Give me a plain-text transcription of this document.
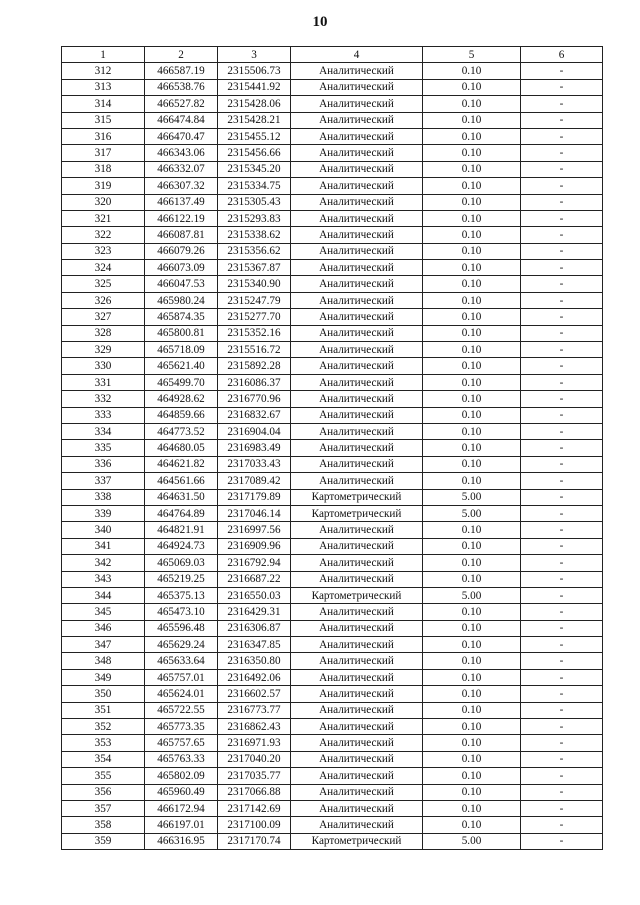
10
1	2	3	4	5	6
312	466587.19	2315506.73	Аналитический	0.10	-
313	466538.76	2315441.92	Аналитический	0.10	-
314	466527.82	2315428.06	Аналитический	0.10	-
315	466474.84	2315428.21	Аналитический	0.10	-
316	466470.47	2315455.12	Аналитический	0.10	-
317	466343.06	2315456.66	Аналитический	0.10	-
318	466332.07	2315345.20	Аналитический	0.10	-
319	466307.32	2315334.75	Аналитический	0.10	-
320	466137.49	2315305.43	Аналитический	0.10	-
321	466122.19	2315293.83	Аналитический	0.10	-
322	466087.81	2315338.62	Аналитический	0.10	-
323	466079.26	2315356.62	Аналитический	0.10	-
324	466073.09	2315367.87	Аналитический	0.10	-
325	466047.53	2315340.90	Аналитический	0.10	-
326	465980.24	2315247.79	Аналитический	0.10	-
327	465874.35	2315277.70	Аналитический	0.10	-
328	465800.81	2315352.16	Аналитический	0.10	-
329	465718.09	2315516.72	Аналитический	0.10	-
330	465621.40	2315892.28	Аналитический	0.10	-
331	465499.70	2316086.37	Аналитический	0.10	-
332	464928.62	2316770.96	Аналитический	0.10	-
333	464859.66	2316832.67	Аналитический	0.10	-
334	464773.52	2316904.04	Аналитический	0.10	-
335	464680.05	2316983.49	Аналитический	0.10	-
336	464621.82	2317033.43	Аналитический	0.10	-
337	464561.66	2317089.42	Аналитический	0.10	-
338	464631.50	2317179.89	Картометрический	5.00	-
339	464764.89	2317046.14	Картометрический	5.00	-
340	464821.91	2316997.56	Аналитический	0.10	-
341	464924.73	2316909.96	Аналитический	0.10	-
342	465069.03	2316792.94	Аналитический	0.10	-
343	465219.25	2316687.22	Аналитический	0.10	-
344	465375.13	2316550.03	Картометрический	5.00	-
345	465473.10	2316429.31	Аналитический	0.10	-
346	465596.48	2316306.87	Аналитический	0.10	-
347	465629.24	2316347.85	Аналитический	0.10	-
348	465633.64	2316350.80	Аналитический	0.10	-
349	465757.01	2316492.06	Аналитический	0.10	-
350	465624.01	2316602.57	Аналитический	0.10	-
351	465722.55	2316773.77	Аналитический	0.10	-
352	465773.35	2316862.43	Аналитический	0.10	-
353	465757.65	2316971.93	Аналитический	0.10	-
354	465763.33	2317040.20	Аналитический	0.10	-
355	465802.09	2317035.77	Аналитический	0.10	-
356	465960.49	2317066.88	Аналитический	0.10	-
357	466172.94	2317142.69	Аналитический	0.10	-
358	466197.01	2317100.09	Аналитический	0.10	-
359	466316.95	2317170.74	Картометрический	5.00	-
